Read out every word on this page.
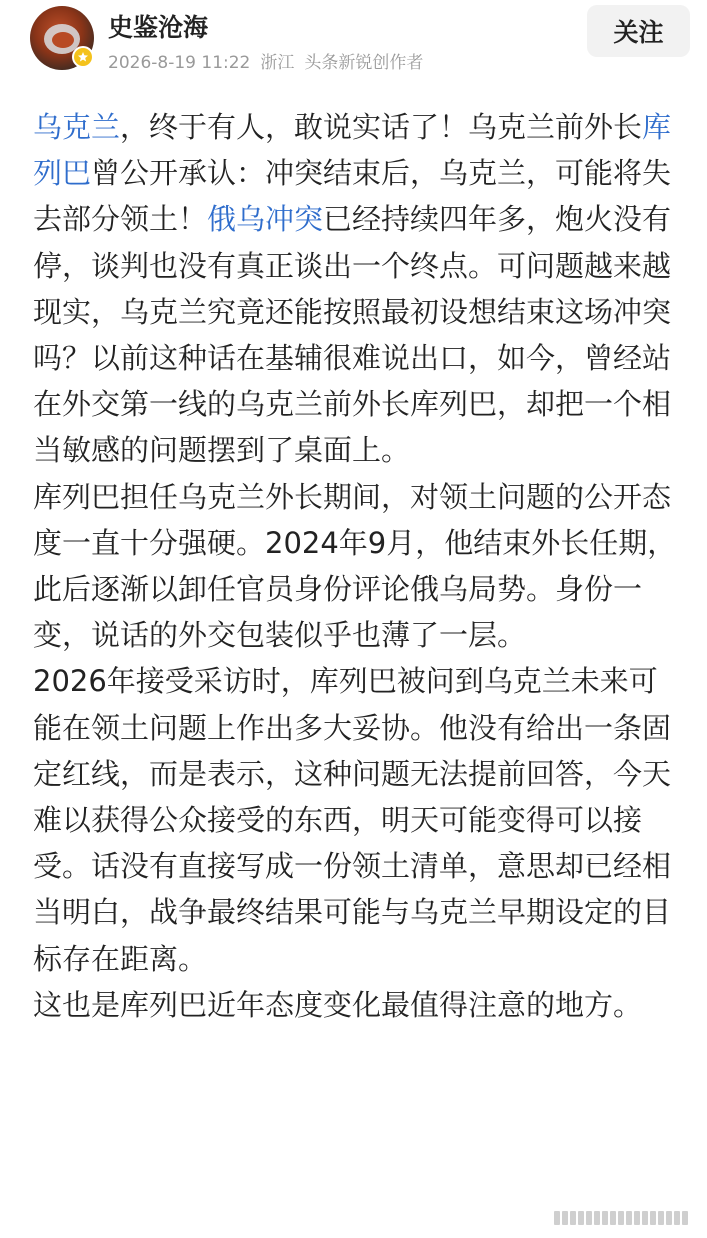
史鉴沧海
2026-8-19 11:22 浙江 头条新锐创作者
关注

乌克兰，终于有人，敢说实话了！乌克兰前外长库列巴曾公开承认：冲突结束后，乌克兰，可能将失去部分领土！俄乌冲突已经持续四年多，炮火没有停，谈判也没有真正谈出一个终点。可问题越来越现实，乌克兰究竟还能按照最初设想结束这场冲突吗？以前这种话在基辅很难说出口，如今，曾经站在外交第一线的乌克兰前外长库列巴，却把一个相当敏感的问题摆到了桌面上。

库列巴担任乌克兰外长期间，对领土问题的公开态度一直十分强硬。2024年9月，他结束外长任期，此后逐渐以卸任官员身份评论俄乌局势。身份一变，说话的外交包装似乎也薄了一层。

2026年接受采访时，库列巴被问到乌克兰未来可能在领土问题上作出多大妥协。他没有给出一条固定红线，而是表示，这种问题无法提前回答，今天难以获得公众接受的东西，明天可能变得可以接受。话没有直接写成一份领土清单，意思却已经相当明白，战争最终结果可能与乌克兰早期设定的目标存在距离。

这也是库列巴近年态度变化最值得注意的地方。
